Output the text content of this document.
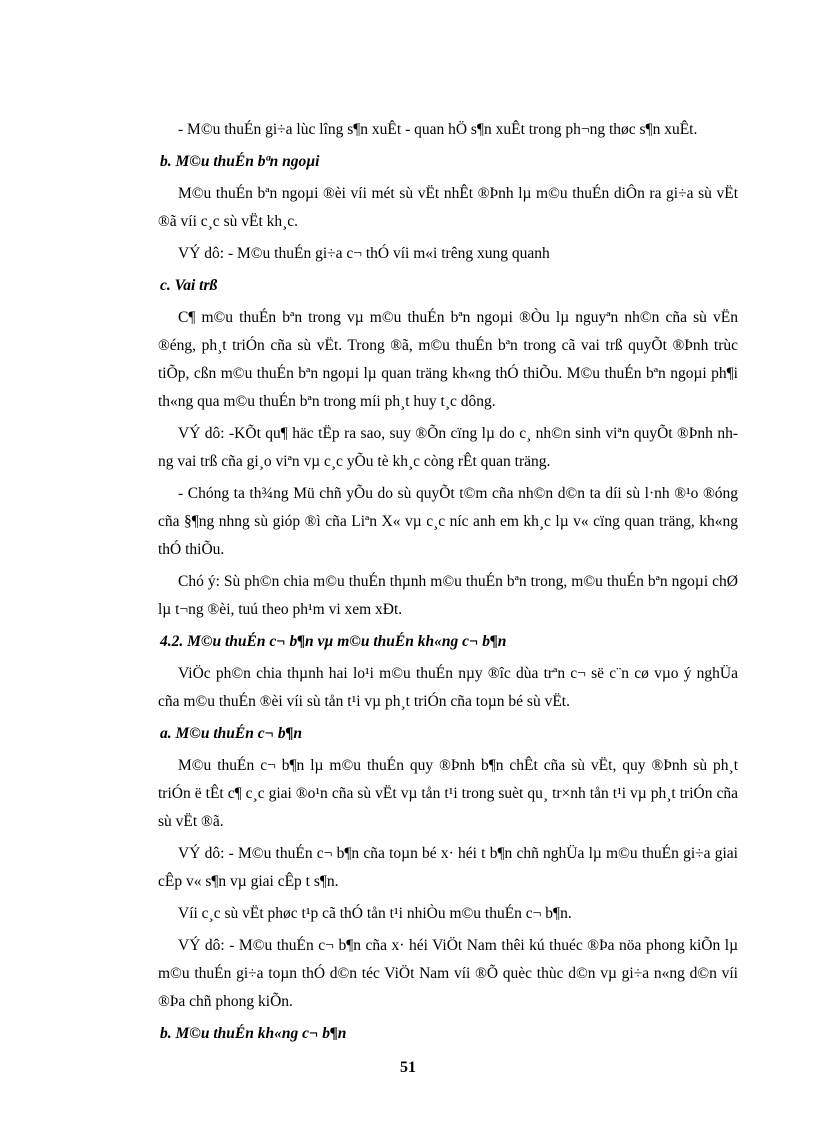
- M©u thuÉn gi÷a lùc lîng s¶n xuÊt - quan hÖ s¶n xuÊt trong ph¬ng thøc s¶n xuÊt.

b. M©u thuÉn bªn ngoµi

M©u thuÉn bªn ngoµi ®èi víi mét sù vËt nhÊt ®Þnh lµ m©u thuÉn diÔn ra gi÷a sù vËt ®ã víi c¸c sù vËt kh¸c.

VÝ dô: - M©u thuÉn gi÷a c¬ thÓ víi m«i trêng xung quanh

c. Vai trß

C¶ m©u thuÉn bªn trong vµ m©u thuÉn bªn ngoµi ®Òu lµ nguyªn nh©n cña sù vËn ®éng, ph¸t triÓn cña sù vËt. Trong ®ã, m©u thuÉn bªn trong cã vai trß quyÕt ®Þnh trùc tiÕp, cßn m©u thuÉn bªn ngoµi lµ quan träng kh«ng thÓ thiÕu. M©u thuÉn bªn ngoµi ph¶i th«ng qua m©u thuÉn bªn trong míi ph¸t huy t¸c dông.

VÝ dô: -KÕt qu¶ häc tËp ra sao, suy ®Õn cïng lµ do c¸ nh©n sinh viªn quyÕt ®Þnh nhng vai trß cña gi¸o viªn vµ c¸c yÕu tè kh¸c còng rÊt quan träng.

- Chóng ta th¾ng Mü chñ yÕu do sù quyÕt t©m cña nh©n d©n ta díi sù l·nh ®¹o ®óng cña §¶ng nhng sù gióp ®ì cña Liªn X« vµ c¸c níc anh em kh¸c lµ v« cïng quan träng, kh«ng thÓ thiÕu.

Chó ý: Sù ph©n chia m©u thuÉn thµnh m©u thuÉn bªn trong, m©u thuÉn bªn ngoµi chØ lµ t¬ng ®èi, tuú theo ph¹m vi xem xÐt.

4.2. M©u thuÉn c¬ b¶n vµ m©u thuÉn kh«ng c¬ b¶n

ViÖc ph©n chia thµnh hai lo¹i m©u thuÉn nµy ®îc dùa trªn c¬ së c¨n cø vµo ý nghÜa cña m©u thuÉn ®èi víi sù tån t¹i vµ ph¸t triÓn cña toµn bé sù vËt.

a. M©u thuÉn c¬ b¶n

M©u thuÉn c¬ b¶n lµ m©u thuÉn quy ®Þnh b¶n chÊt cña sù vËt, quy ®Þnh sù ph¸t triÓn ë tÊt c¶ c¸c giai ®o¹n cña sù vËt vµ tån t¹i trong suèt qu¸ tr×nh tån t¹i vµ ph¸t triÓn cña sù vËt ®ã.

VÝ dô: - M©u thuÉn c¬ b¶n cña toµn bé x· héi t b¶n chñ nghÜa lµ m©u thuÉn gi÷a giai cÊp v« s¶n vµ giai cÊp t s¶n.

Víi c¸c sù vËt phøc t¹p cã thÓ tån t¹i nhiÒu m©u thuÉn c¬ b¶n.

VÝ dô: - M©u thuÉn c¬ b¶n cña x· héi ViÖt Nam thêi kú thuéc ®Þa nöa phong kiÕn lµ m©u thuÉn gi÷a toµn thÓ d©n téc ViÖt Nam víi ®Õ quèc thùc d©n vµ gi÷a n«ng d©n víi ®Þa chñ phong kiÕn.

b. M©u thuÉn kh«ng c¬ b¶n

51
